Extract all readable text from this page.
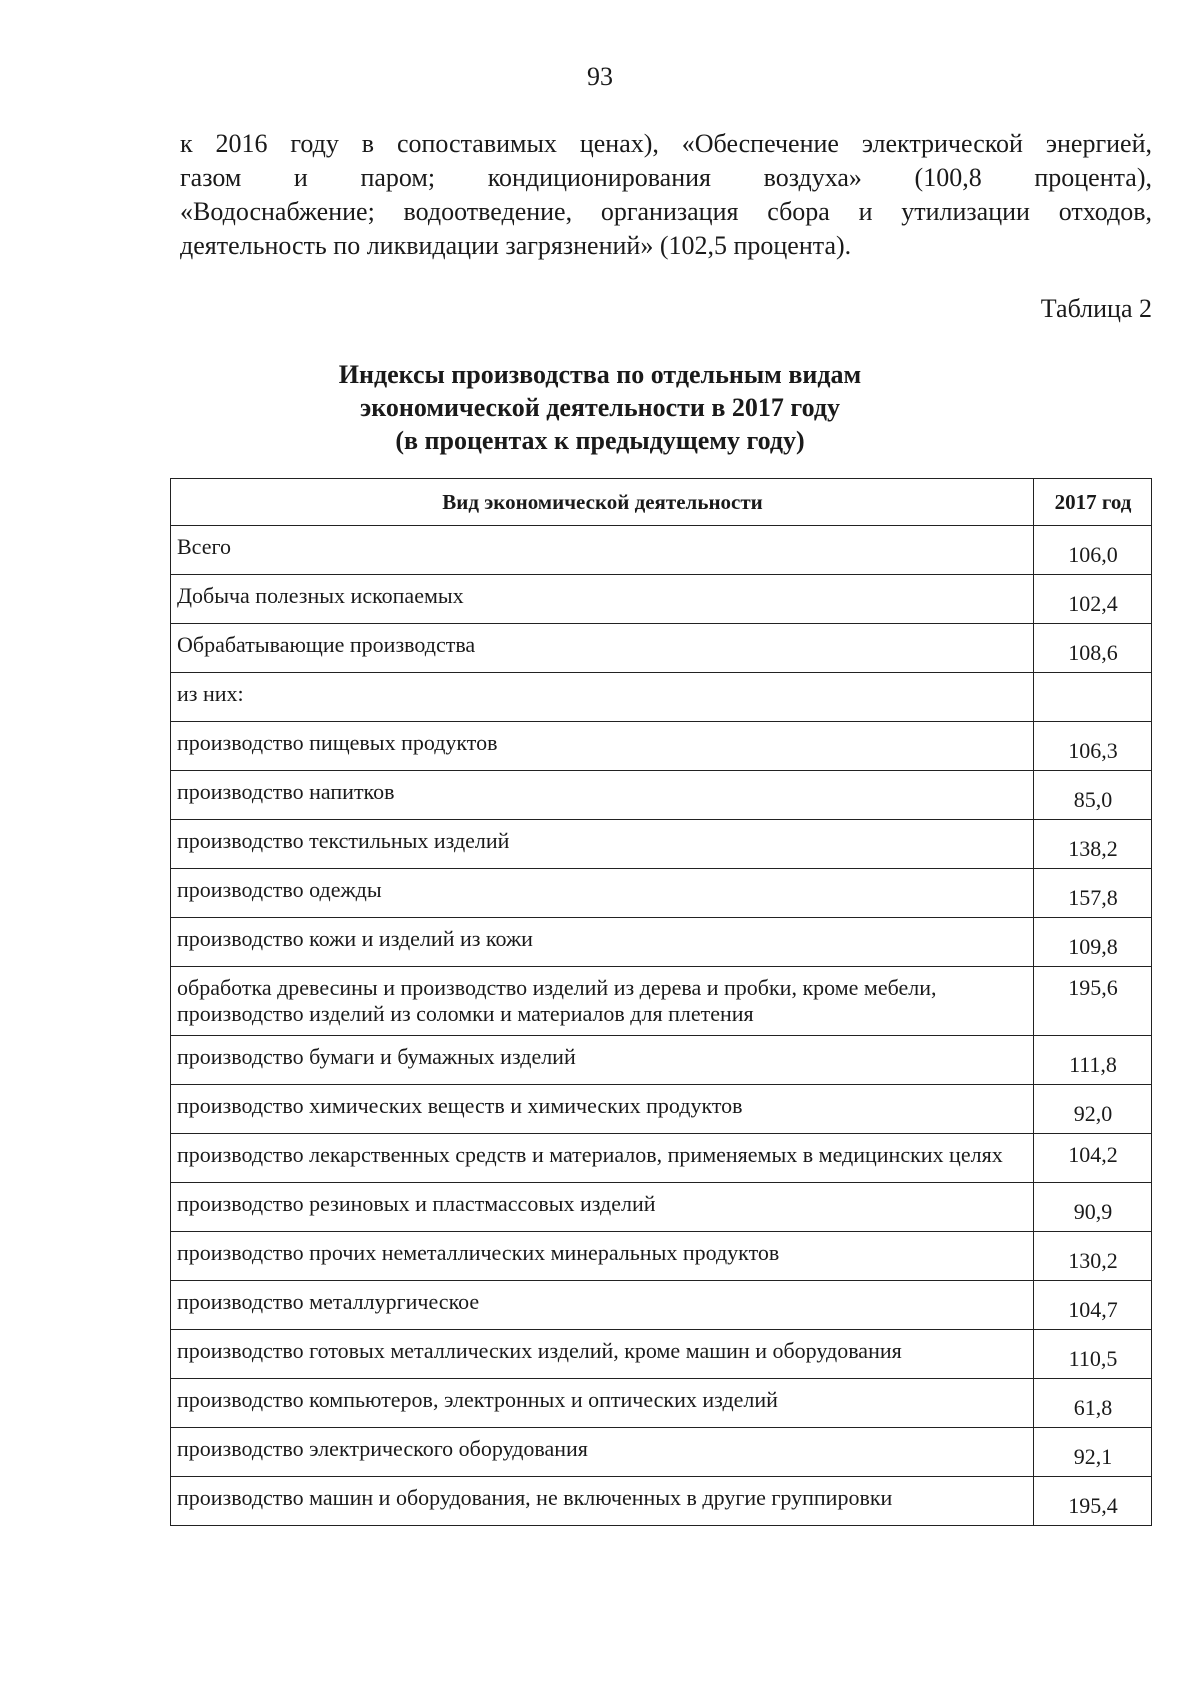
93
к 2016 году в сопоставимых ценах), «Обеспечение электрической энергией,
газом и паром; кондиционирования воздуха» (100,8 процента),
«Водоснабжение; водоотведение, организация сбора и утилизации отходов,
деятельность по ликвидации загрязнений» (102,5 процента).
Таблица 2
Индексы производства по отдельным видам
экономической деятельности в 2017 году
(в процентах к предыдущему году)
Вид экономической деятельности	2017 год
Всего	106,0
Добыча полезных ископаемых	102,4
Обрабатывающие производства	108,6
из них:	
производство пищевых продуктов	106,3
производство напитков	85,0
производство текстильных изделий	138,2
производство одежды	157,8
производство кожи и изделий из кожи	109,8
обработка древесины и производство изделий из дерева и пробки, кроме мебели, производство изделий из соломки и материалов для плетения	195,6
производство бумаги и бумажных изделий	111,8
производство химических веществ и химических продуктов	92,0
производство лекарственных средств и материалов, применяемых в медицинских целях	104,2
производство резиновых и пластмассовых изделий	90,9
производство прочих неметаллических минеральных продуктов	130,2
производство металлургическое	104,7
производство готовых металлических изделий, кроме машин и оборудования	110,5
производство компьютеров, электронных и оптических изделий	61,8
производство электрического оборудования	92,1
производство машин и оборудования, не включенных в другие группировки	195,4
